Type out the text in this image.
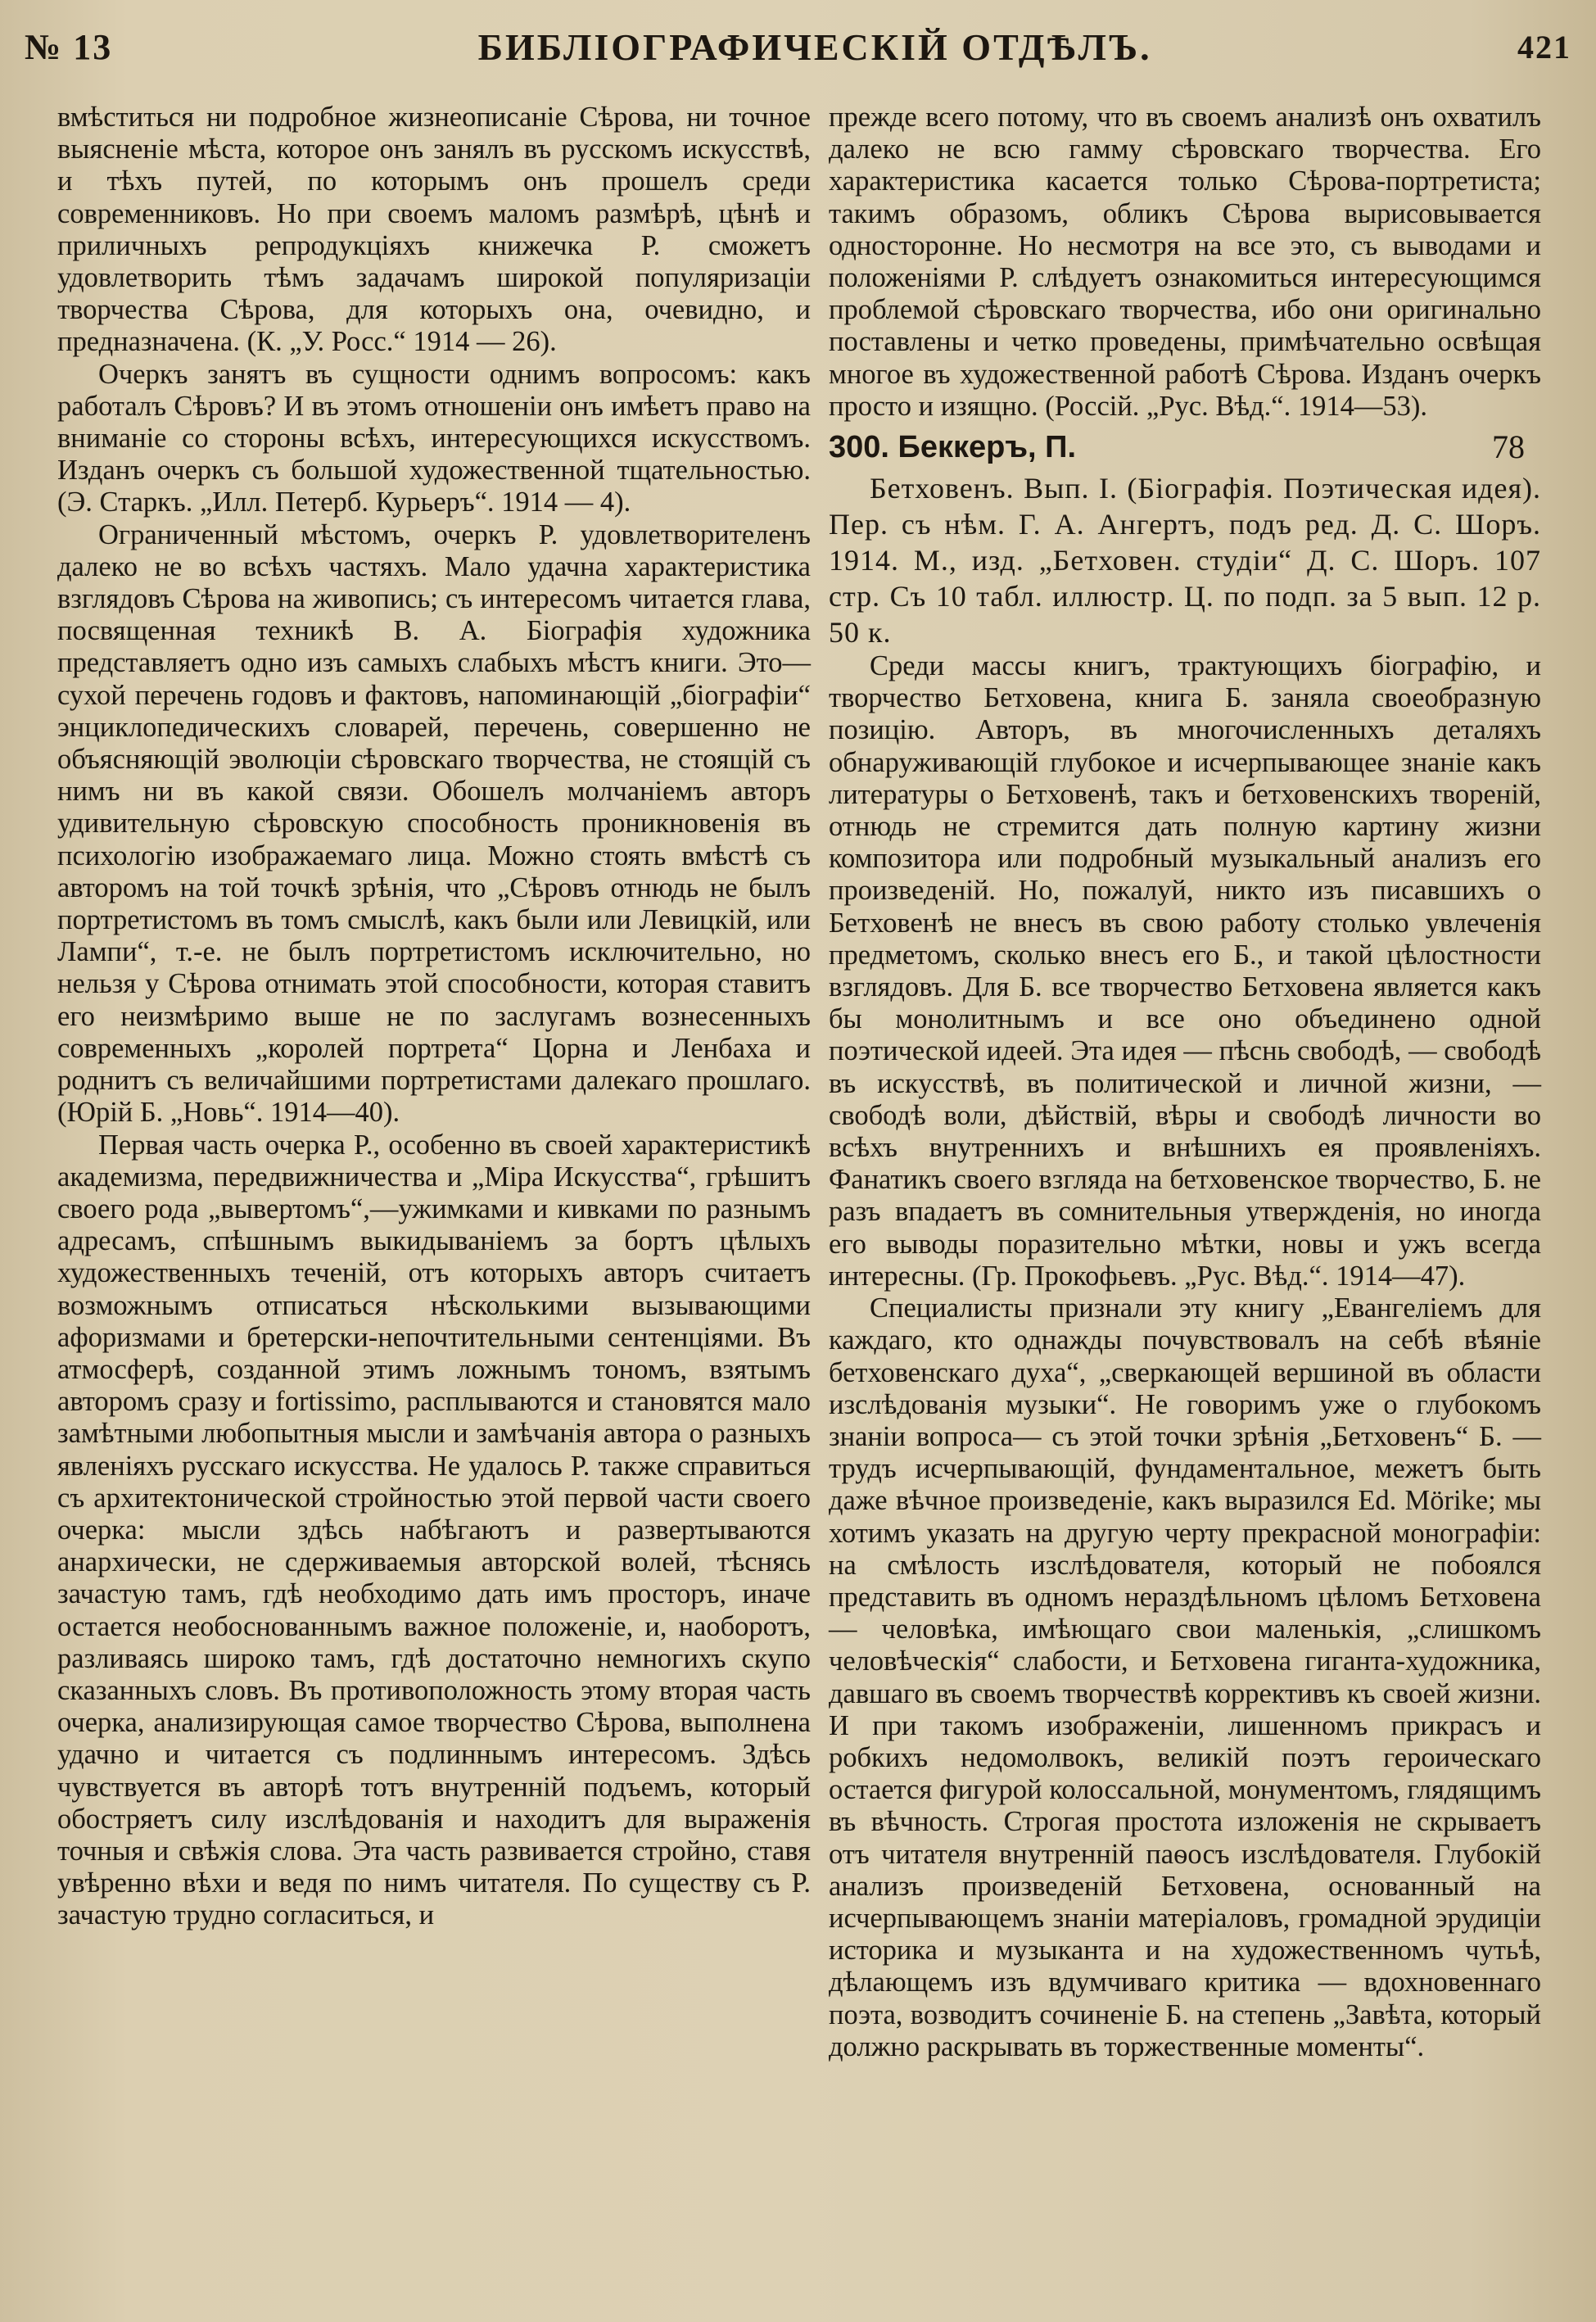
№ 13	БИБЛІОГРАФИЧЕСКІЙ ОТДѢЛЪ.	421

вмѣститься ни подробное жизнеописаніе Сѣрова, ни точное выясненіе мѣста, которое онъ занялъ въ русскомъ искусствѣ, и тѣхъ путей, по которымъ онъ прошелъ среди современниковъ. Но при своемъ маломъ размѣрѣ, цѣнѣ и приличныхъ репродукціяхъ книжечка Р. сможетъ удовлетворить тѣмъ задачамъ широкой популяризаціи творчества Сѣрова, для которыхъ она, очевидно, и предназначена. (К. „У. Росс.“ 1914 — 26).

Очеркъ занятъ въ сущности однимъ вопросомъ: какъ работалъ Сѣровъ? И въ этомъ отношеніи онъ имѣетъ право на вниманіе со стороны всѣхъ, интересующихся искусствомъ. Изданъ очеркъ съ большой художественной тщательностью. (Э. Старкъ. „Илл. Петерб. Курьеръ“. 1914 — 4).

Ограниченный мѣстомъ, очеркъ Р. удовлетворителенъ далеко не во всѣхъ частяхъ. Мало удачна характеристика взглядовъ Сѣрова на живопись; съ интересомъ читается глава, посвященная техникѣ В. А. Біографія художника представляетъ одно изъ самыхъ слабыхъ мѣстъ книги. Это—сухой перечень годовъ и фактовъ, напоминающій „біографіи“ энциклопедическихъ словарей, перечень, совершенно не объясняющій эволюціи сѣровскаго творчества, не стоящій съ нимъ ни въ какой связи. Обошелъ молчаніемъ авторъ удивительную сѣровскую способность проникновенія въ психологію изображаемаго лица. Можно стоять вмѣстѣ съ авторомъ на той точкѣ зрѣнія, что „Сѣровъ отнюдь не былъ портретистомъ въ томъ смыслѣ, какъ были или Левицкій, или Лампи“, т.-е. не былъ портретистомъ исключительно, но нельзя у Сѣрова отнимать этой способности, которая ставитъ его неизмѣримо выше не по заслугамъ вознесенныхъ современныхъ „королей портрета“ Цорна и Ленбаха и роднитъ съ величайшими портретистами далекаго прошлаго. (Юрій Б. „Новь“. 1914—40).

Первая часть очерка Р., особенно въ своей характеристикѣ академизма, передвижничества и „Міра Искусства“, грѣшитъ своего рода „вывертомъ“,—ужимками и кивками по разнымъ адресамъ, спѣшнымъ выкидываніемъ за бортъ цѣлыхъ художественныхъ теченій, отъ которыхъ авторъ считаетъ возможнымъ отписаться нѣсколькими вызывающими афоризмами и бретерски-непочтительными сентенціями. Въ атмосферѣ, созданной этимъ ложнымъ тономъ, взятымъ авторомъ сразу и fortissimo, расплываются и становятся мало замѣтными любопытныя мысли и замѣчанія автора о разныхъ явленіяхъ русскаго искусства. Не удалось Р. также справиться съ архитектонической стройностью этой первой части своего очерка: мысли здѣсь набѣгаютъ и развертываются анархически, не сдерживаемыя авторской волей, тѣснясь зачастую тамъ, гдѣ необходимо дать имъ просторъ, иначе остается необоснованнымъ важное положеніе, и, наоборотъ, разливаясь широко тамъ, гдѣ достаточно немногихъ скупо сказанныхъ словъ. Въ противоположность этому вторая часть очерка, анализирующая самое творчество Сѣрова, выполнена удачно и читается съ подлиннымъ интересомъ. Здѣсь чувствуется въ авторѣ тотъ внутренній подъемъ, который обостряетъ силу изслѣдованія и находитъ для выраженія точныя и свѣжія слова. Эта часть развивается стройно, ставя увѣренно вѣхи и ведя по нимъ читателя. По существу съ Р. зачастую трудно согласиться, и

прежде всего потому, что въ своемъ анализѣ онъ охватилъ далеко не всю гамму сѣровскаго творчества. Его характеристика касается только Сѣрова-портретиста; такимъ образомъ, обликъ Сѣрова вырисовывается односторонне. Но несмотря на все это, съ выводами и положеніями Р. слѣдуетъ ознакомиться интересующимся проблемой сѣровскаго творчества, ибо они оригинально поставлены и четко проведены, примѣчательно освѣщая многое въ художественной работѣ Сѣрова. Изданъ очеркъ просто и изящно. (Россій. „Рус. Вѣд.“. 1914—53).

300. Беккеръ, П.	78

Бетховенъ. Вып. I. (Біографія. Поэтическая идея). Пер. съ нѣм. Г. А. Ангертъ, подъ ред. Д. С. Шоръ. 1914. М., изд. „Бетховен. студіи“ Д. С. Шоръ. 107 стр. Съ 10 табл. иллюстр. Ц. по подп. за 5 вып. 12 р. 50 к.

Среди массы книгъ, трактующихъ біографію, и творчество Бетховена, книга Б. заняла своеобразную позицію. Авторъ, въ многочисленныхъ деталяхъ обнаруживающій глубокое и исчерпывающее знаніе какъ литературы о Бетховенѣ, такъ и бетховенскихъ твореній, отнюдь не стремится дать полную картину жизни композитора или подробный музыкальный анализъ его произведеній. Но, пожалуй, никто изъ писавшихъ о Бетховенѣ не внесъ въ свою работу столько увлеченія предметомъ, сколько внесъ его Б., и такой цѣлостности взглядовъ. Для Б. все творчество Бетховена является какъ бы монолитнымъ и все оно объединено одной поэтической идеей. Эта идея — пѣснь свободѣ, — свободѣ въ искусствѣ, въ политической и личной жизни, — свободѣ воли, дѣйствій, вѣры и свободѣ личности во всѣхъ внутреннихъ и внѣшнихъ ея проявленіяхъ. Фанатикъ своего взгляда на бетховенское творчество, Б. не разъ впадаетъ въ сомнительныя утвержденія, но иногда его выводы поразительно мѣтки, новы и ужъ всегда интересны. (Гр. Прокофьевъ. „Рус. Вѣд.“. 1914—47).

Специалисты признали эту книгу „Евангеліемъ для каждаго, кто однажды почувствовалъ на себѣ вѣяніе бетховенскаго духа“, „сверкающей вершиной въ области изслѣдованія музыки“. Не говоримъ уже о глубокомъ знаніи вопроса— съ этой точки зрѣнія „Бетховенъ“ Б. — трудъ исчерпывающій, фундаментальное, межетъ быть даже вѣчное произведеніе, какъ выразился Ed. Mörike; мы хотимъ указать на другую черту прекрасной монографіи: на смѣлость изслѣдователя, который не побоялся представить въ одномъ нераздѣльномъ цѣломъ Бетховена — человѣка, имѣющаго свои маленькія, „слишкомъ человѣческія“ слабости, и Бетховена гиганта-художника, давшаго въ своемъ творчествѣ коррективъ къ своей жизни. И при такомъ изображеніи, лишенномъ прикрасъ и робкихъ недомолвокъ, великій поэтъ героическаго остается фигурой колоссальной, монументомъ, глядящимъ въ вѣчность. Строгая простота изложенія не скрываетъ отъ читателя внутренній паѳосъ изслѣдователя. Глубокій анализъ произведеній Бетховена, основанный на исчерпывающемъ знаніи матеріаловъ, громадной эрудиціи историка и музыканта и на художественномъ чутьѣ, дѣлающемъ изъ вдумчиваго критика — вдохновеннаго поэта, возводитъ сочиненіе Б. на степень „Завѣта, который должно раскрывать въ торжественные моменты“.
